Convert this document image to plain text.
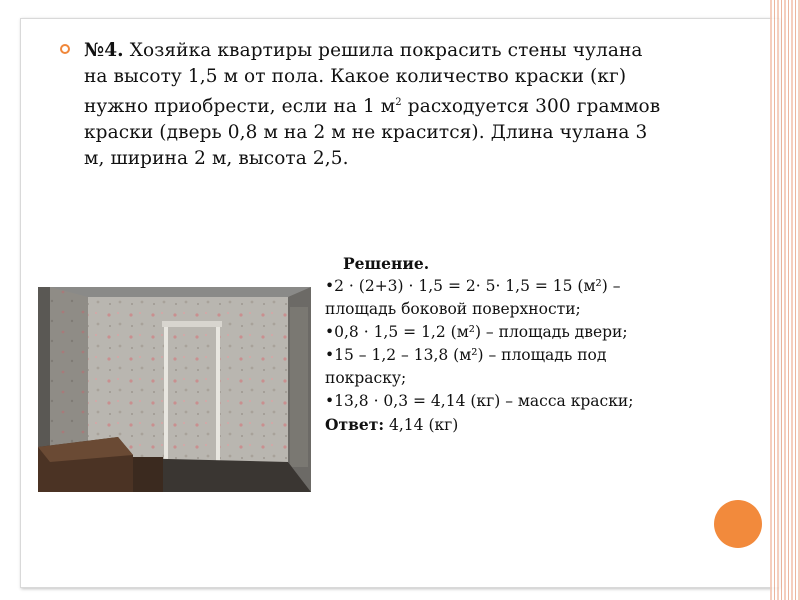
№4. Хозяйка квартиры решила покрасить стены чулана
на высоту 1,5 м от пола. Какое количество краски (кг)
нужно приобрести, если на 1 $м^2$ расходуется 300 граммов
краски (дверь 0,8 м на 2 м не красится). Длина чулана 3
м, ширина 2 м, высота 2,5.

Решение.

•2 · (2+3) · 1,5 = 2· 5· 1,5 = 15 (м²) –

площадь боковой поверхности;

•0,8 · 1,5 = 1,2 (м²) – площадь двери;

•15 – 1,2 – 13,8 (м²) – площадь под

покраску;

•13,8 · 0,3 = 4,14 (кг) – масса краски;

Ответ: 4,14 (кг)
